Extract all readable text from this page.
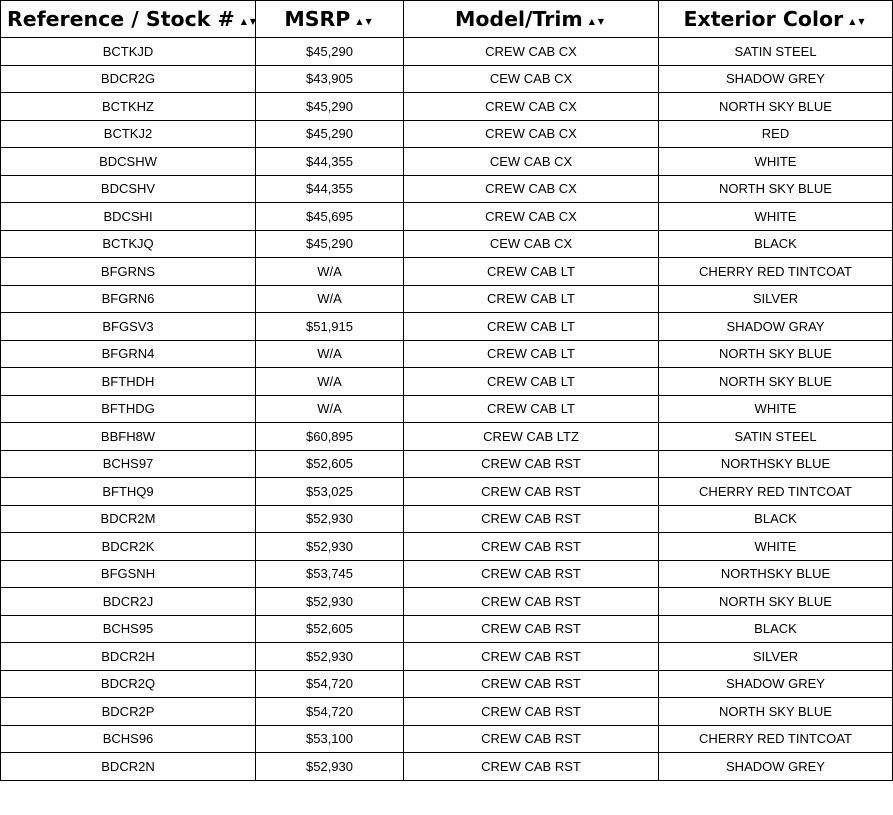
Reference / Stock # ▲▼	MSRP ▲▼	Model/Trim ▲▼	Exterior Color ▲▼
BCTKJD	$45,290	CREW CAB CX	SATIN STEEL
BDCR2G	$43,905	CEW CAB CX	SHADOW GREY
BCTKHZ	$45,290	CREW CAB CX	NORTH SKY BLUE
BCTKJ2	$45,290	CREW CAB CX	RED
BDCSHW	$44,355	CEW CAB CX	WHITE
BDCSHV	$44,355	CREW CAB CX	NORTH SKY BLUE
BDCSHI	$45,695	CREW CAB CX	WHITE
BCTKJQ	$45,290	CEW CAB CX	BLACK
BFGRNS	W/A	CREW CAB LT	CHERRY RED TINTCOAT
BFGRN6	W/A	CREW CAB LT	SILVER
BFGSV3	$51,915	CREW CAB LT	SHADOW GRAY
BFGRN4	W/A	CREW CAB LT	NORTH SKY BLUE
BFTHDH	W/A	CREW CAB LT	NORTH SKY BLUE
BFTHDG	W/A	CREW CAB LT	WHITE
BBFH8W	$60,895	CREW CAB LTZ	SATIN STEEL
BCHS97	$52,605	CREW CAB RST	NORTHSKY BLUE
BFTHQ9	$53,025	CREW CAB RST	CHERRY RED TINTCOAT
BDCR2M	$52,930	CREW CAB RST	BLACK
BDCR2K	$52,930	CREW CAB RST	WHITE
BFGSNH	$53,745	CREW CAB RST	NORTHSKY BLUE
BDCR2J	$52,930	CREW CAB RST	NORTH SKY BLUE
BCHS95	$52,605	CREW CAB RST	BLACK
BDCR2H	$52,930	CREW CAB RST	SILVER
BDCR2Q	$54,720	CREW CAB RST	SHADOW GREY
BDCR2P	$54,720	CREW CAB RST	NORTH SKY BLUE
BCHS96	$53,100	CREW CAB RST	CHERRY RED TINTCOAT
BDCR2N	$52,930	CREW CAB RST	SHADOW GREY
